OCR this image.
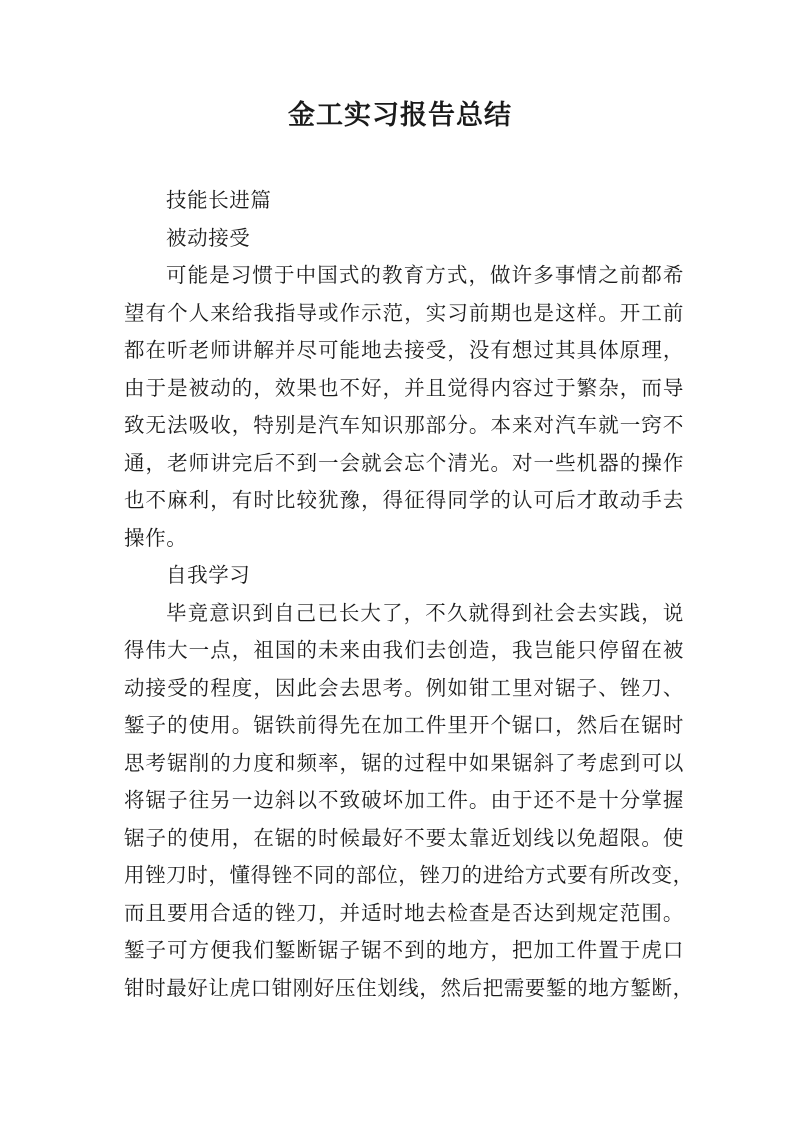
金工实习报告总结
技能长进篇
被动接受
可能是习惯于中国式的教育方式，做许多事情之前都希
望有个人来给我指导或作示范，实习前期也是这样。开工前
都在听老师讲解并尽可能地去接受，没有想过其具体原理，
由于是被动的，效果也不好，并且觉得内容过于繁杂，而导
致无法吸收，特别是汽车知识那部分。本来对汽车就一窍不
通，老师讲完后不到一会就会忘个清光。对一些机器的操作
也不麻利，有时比较犹豫，得征得同学的认可后才敢动手去
操作。
自我学习
毕竟意识到自己已长大了，不久就得到社会去实践，说
得伟大一点，祖国的未来由我们去创造，我岂能只停留在被
动接受的程度，因此会去思考。例如钳工里对锯子、锉刀、
錾子的使用。锯铁前得先在加工件里开个锯口，然后在锯时
思考锯削的力度和频率，锯的过程中如果锯斜了考虑到可以
将锯子往另一边斜以不致破坏加工件。由于还不是十分掌握
锯子的使用，在锯的时候最好不要太靠近划线以免超限。使
用锉刀时，懂得锉不同的部位，锉刀的进给方式要有所改变，
而且要用合适的锉刀，并适时地去检查是否达到规定范围。
錾子可方便我们錾断锯子锯不到的地方，把加工件置于虎口
钳时最好让虎口钳刚好压住划线，然后把需要錾的地方錾断，
